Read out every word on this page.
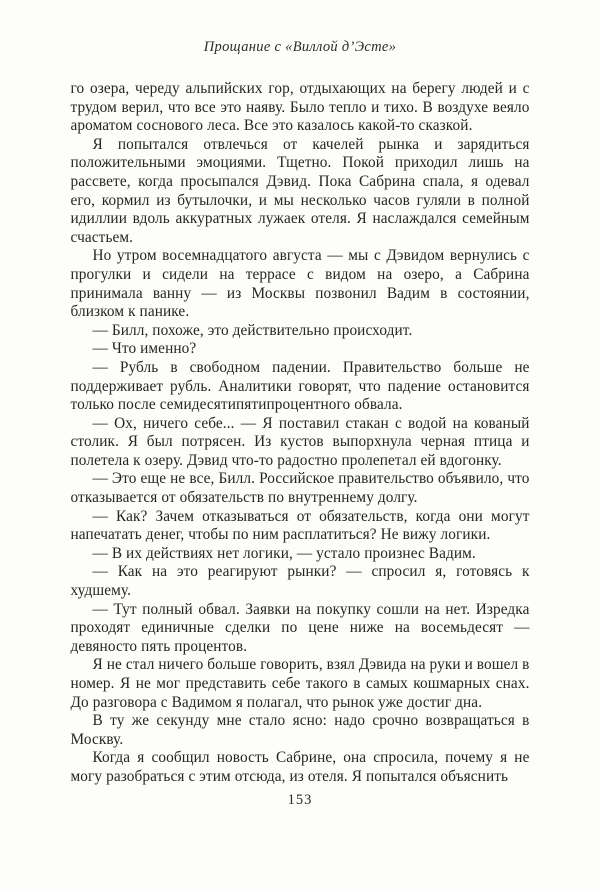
Прощание с «Виллой д’Эсте»

го озера, череду альпийских гор, отдыхающих на берегу людей и с трудом верил, что все это наяву. Было тепло и тихо. В воздухе веяло ароматом соснового леса. Все это казалось какой-то сказкой.

Я попытался отвлечься от качелей рынка и зарядиться положительными эмоциями. Тщетно. Покой приходил лишь на рассвете, когда просыпался Дэвид. Пока Сабрина спала, я одевал его, кормил из бутылочки, и мы несколько часов гуляли в полной идиллии вдоль аккуратных лужаек отеля. Я наслаждался семейным счастьем.

Но утром восемнадцатого августа — мы с Дэвидом вернулись с прогулки и сидели на террасе с видом на озеро, а Сабрина принимала ванну — из Москвы позвонил Вадим в состоянии, близком к панике.

— Билл, похоже, это действительно происходит.

— Что именно?

— Рубль в свободном падении. Правительство больше не поддерживает рубль. Аналитики говорят, что падение остановится только после семидесятипятипроцентного обвала.

— Ох, ничего себе... — Я поставил стакан с водой на кованый столик. Я был потрясен. Из кустов выпорхнула черная птица и полетела к озеру. Дэвид что-то радостно пролепетал ей вдогонку.

— Это еще не все, Билл. Российское правительство объявило, что отказывается от обязательств по внутреннему долгу.

— Как? Зачем отказываться от обязательств, когда они могут напечатать денег, чтобы по ним расплатиться? Не вижу логики.

— В их действиях нет логики, — устало произнес Вадим.

— Как на это реагируют рынки? — спросил я, готовясь к худшему.

— Тут полный обвал. Заявки на покупку сошли на нет. Изредка проходят единичные сделки по цене ниже на восемьдесят — девяносто пять процентов.

Я не стал ничего больше говорить, взял Дэвида на руки и вошел в номер. Я не мог представить себе такого в самых кошмарных снах. До разговора с Вадимом я полагал, что рынок уже достиг дна.

В ту же секунду мне стало ясно: надо срочно возвращаться в Москву.

Когда я сообщил новость Сабрине, она спросила, почему я не могу разобраться с этим отсюда, из отеля. Я попытался объяснить

153
